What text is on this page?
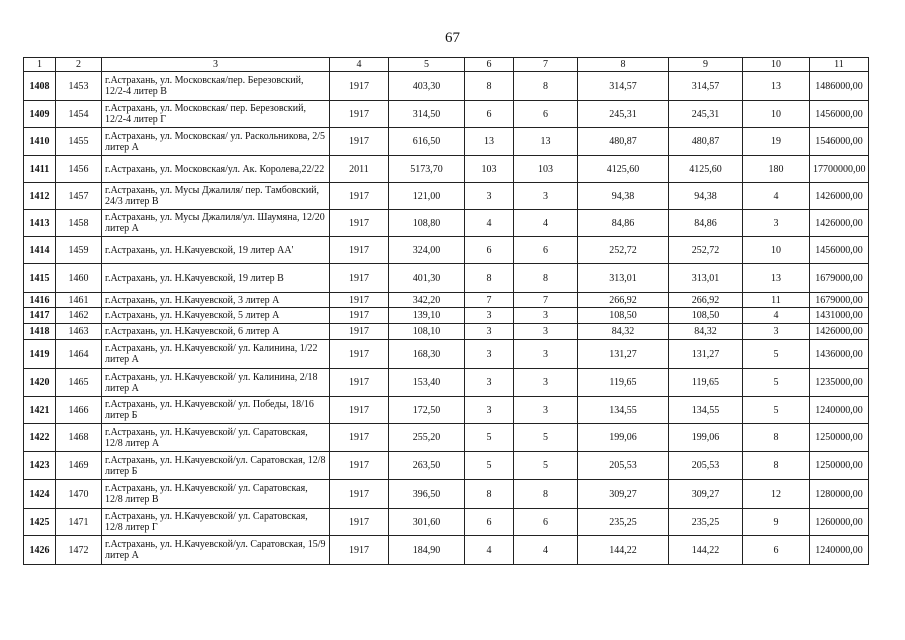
67
1	2	3	4	5	6	7	8	9	10	11
1408	1453	г.Астрахань, ул. Московская/пер. Березовский, 12/2-4 литер В	1917	403,30	8	8	314,57	314,57	13	1486000,00
1409	1454	г.Астрахань, ул. Московская/ пер. Березовский, 12/2-4 литер Г	1917	314,50	6	6	245,31	245,31	10	1456000,00
1410	1455	г.Астрахань, ул. Московская/ ул. Раскольникова, 2/5 литер А	1917	616,50	13	13	480,87	480,87	19	1546000,00
1411	1456	г.Астрахань, ул. Московская/ул. Ак. Королева,22/22	2011	5173,70	103	103	4125,60	4125,60	180	17700000,00
1412	1457	г.Астрахань, ул. Мусы Джалиля/ пер. Тамбовский, 24/3 литер В	1917	121,00	3	3	94,38	94,38	4	1426000,00
1413	1458	г.Астрахань, ул. Мусы Джалиля/ул. Шаумяна, 12/20 литер А	1917	108,80	4	4	84,86	84,86	3	1426000,00
1414	1459	г.Астрахань, ул. Н.Качуевской, 19 литер АА'	1917	324,00	6	6	252,72	252,72	10	1456000,00
1415	1460	г.Астрахань, ул. Н.Качуевской, 19 литер В	1917	401,30	8	8	313,01	313,01	13	1679000,00
1416	1461	г.Астрахань, ул. Н.Качуевской, 3 литер А	1917	342,20	7	7	266,92	266,92	11	1679000,00
1417	1462	г.Астрахань, ул. Н.Качуевской, 5 литер А	1917	139,10	3	3	108,50	108,50	4	1431000,00
1418	1463	г.Астрахань, ул. Н.Качуевской, 6 литер А	1917	108,10	3	3	84,32	84,32	3	1426000,00
1419	1464	г.Астрахань, ул. Н.Качуевской/ ул. Калинина, 1/22 литер А	1917	168,30	3	3	131,27	131,27	5	1436000,00
1420	1465	г.Астрахань, ул. Н.Качуевской/ ул. Калинина, 2/18 литер А	1917	153,40	3	3	119,65	119,65	5	1235000,00
1421	1466	г.Астрахань, ул. Н.Качуевской/ ул. Победы, 18/16 литер Б	1917	172,50	3	3	134,55	134,55	5	1240000,00
1422	1468	г.Астрахань, ул. Н.Качуевской/ ул. Саратовская, 12/8 литер А	1917	255,20	5	5	199,06	199,06	8	1250000,00
1423	1469	г.Астрахань, ул. Н.Качуевской/ул. Саратовская, 12/8 литер Б	1917	263,50	5	5	205,53	205,53	8	1250000,00
1424	1470	г.Астрахань, ул. Н.Качуевской/ ул. Саратовская, 12/8 литер В	1917	396,50	8	8	309,27	309,27	12	1280000,00
1425	1471	г.Астрахань, ул. Н.Качуевской/ ул. Саратовская, 12/8 литер Г	1917	301,60	6	6	235,25	235,25	9	1260000,00
1426	1472	г.Астрахань, ул. Н.Качуевской/ул. Саратовская, 15/9 литер А	1917	184,90	4	4	144,22	144,22	6	1240000,00
